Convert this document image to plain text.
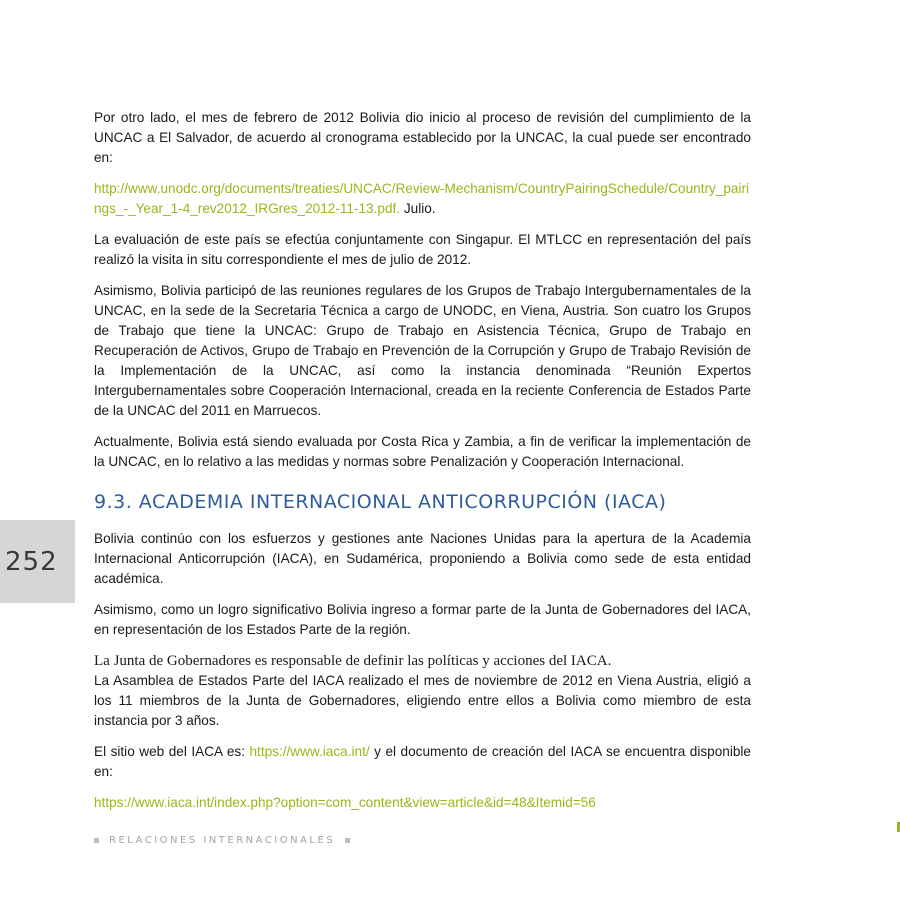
Por otro lado, el mes de febrero de 2012 Bolivia dio inicio al proceso de revisión del cumplimiento de la UNCAC a El Salvador, de acuerdo al cronograma establecido por la UNCAC, la cual puede ser encontrado en:

http://www.unodc.org/documents/treaties/UNCAC/Review-Mechanism/CountryPairingSchedule/Country_pairings_-_Year_1-4_rev2012_IRGres_2012-11-13.pdf. Julio.

La evaluación de este país se efectúa conjuntamente con Singapur. El MTLCC en representación del país realizó la visita in situ correspondiente el mes de julio de 2012.

Asimismo, Bolivia participó de las reuniones regulares de los Grupos de Trabajo Intergubernamentales de la UNCAC, en la sede de la Secretaria Técnica a cargo de UNODC, en Viena, Austria. Son cuatro los Grupos de Trabajo que tiene la UNCAC: Grupo de Trabajo en Asistencia Técnica, Grupo de Trabajo en Recuperación de Activos, Grupo de Trabajo en Prevención de la Corrupción y Grupo de Trabajo Revisión de la Implementación de la UNCAC, así como la instancia denominada “Reunión Expertos Intergubernamentales sobre Cooperación Internacional, creada en la reciente Conferencia de Estados Parte de la UNCAC del 2011 en Marruecos.

Actualmente, Bolivia está siendo evaluada por Costa Rica y Zambia, a fin de verificar la implementación de la UNCAC, en lo relativo a las medidas y normas sobre Penalización y Cooperación Internacional.

9.3. ACADEMIA INTERNACIONAL ANTICORRUPCIÓN (IACA)

Bolivia continúo con los esfuerzos y gestiones ante Naciones Unidas para la apertura de la Academia Internacional Anticorrupción (IACA), en Sudamérica, proponiendo a Bolivia como sede de esta entidad académica.

Asimismo, como un logro significativo Bolivia ingreso a formar parte de la Junta de Gobernadores del IACA, en representación de los Estados Parte de la región.

La Junta de Gobernadores es responsable de definir las políticas y acciones del IACA.

La Asamblea de Estados Parte del IACA realizado el mes de noviembre de 2012 en Viena Austria, eligió a los 11 miembros de la Junta de Gobernadores, eligiendo entre ellos a Bolivia como miembro de esta instancia por 3 años.

El sitio web del IACA es: https://www.iaca.int/ y el documento de creación del IACA se encuentra disponible en:

https://www.iaca.int/index.php?option=com_content&view=article&id=48&Itemid=56

252
RELACIONES INTERNACIONALES
